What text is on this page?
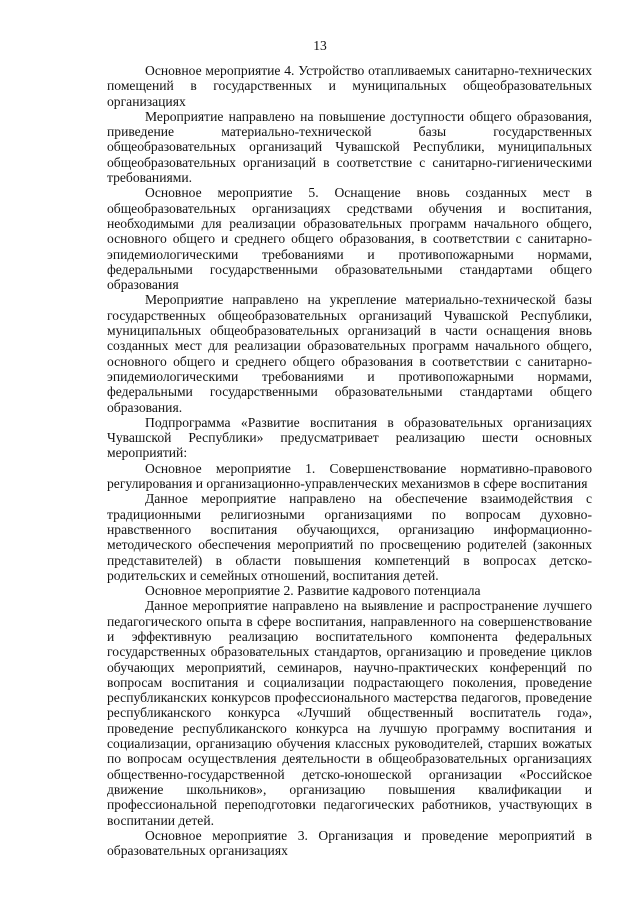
13

Основное мероприятие 4. Устройство отапливаемых санитарно-технических помещений в государственных и муниципальных общеобразовательных организациях

Мероприятие направлено на повышение доступности общего образования, приведение материально-технической базы государственных общеобразовательных организаций Чувашской Республики, муниципальных общеобразовательных организаций в соответствие с санитарно-гигиеническими требованиями.

Основное мероприятие 5. Оснащение вновь созданных мест в общеобразовательных организациях средствами обучения и воспитания, необходимыми для реализации образовательных программ начального общего, основного общего и среднего общего образования, в соответствии с санитарно-эпидемиологическими требованиями и противопожарными нормами, федеральными государственными образовательными стандартами общего образования

Мероприятие направлено на укрепление материально-технической базы государственных общеобразовательных организаций Чувашской Республики, муниципальных общеобразовательных организаций в части оснащения вновь созданных мест для реализации образовательных программ начального общего, основного общего и среднего общего образования в соответствии с санитарно-эпидемиологическими требованиями и противопожарными нормами, федеральными государственными образовательными стандартами общего образования.

Подпрограмма «Развитие воспитания в образовательных организациях Чувашской Республики» предусматривает реализацию шести основных мероприятий:

Основное мероприятие 1. Совершенствование нормативно-правового регулирования и организационно-управленческих механизмов в сфере воспитания

Данное мероприятие направлено на обеспечение взаимодействия с традиционными религиозными организациями по вопросам духовно-нравственного воспитания обучающихся, организацию информационно-методического обеспечения мероприятий по просвещению родителей (законных представителей) в области повышения компетенций в вопросах детско-родительских и семейных отношений, воспитания детей.

Основное мероприятие 2. Развитие кадрового потенциала

Данное мероприятие направлено на выявление и распространение лучшего педагогического опыта в сфере воспитания, направленного на совершенствование и эффективную реализацию воспитательного компонента федеральных государственных образовательных стандартов, организацию и проведение циклов обучающих мероприятий, семинаров, научно-практических конференций по вопросам воспитания и социализации подрастающего поколения, проведение республиканских конкурсов профессионального мастерства педагогов, проведение республиканского конкурса «Лучший общественный воспитатель года», проведение республиканского конкурса на лучшую программу воспитания и социализации, организацию обучения классных руководителей, старших вожатых по вопросам осуществления деятельности в общеобразовательных организациях общественно-государственной детско-юношеской организации «Российское движение школьников», организацию повышения квалификации и профессиональной переподготовки педагогических работников, участвующих в воспитании детей.

Основное мероприятие 3. Организация и проведение мероприятий в образовательных организациях
